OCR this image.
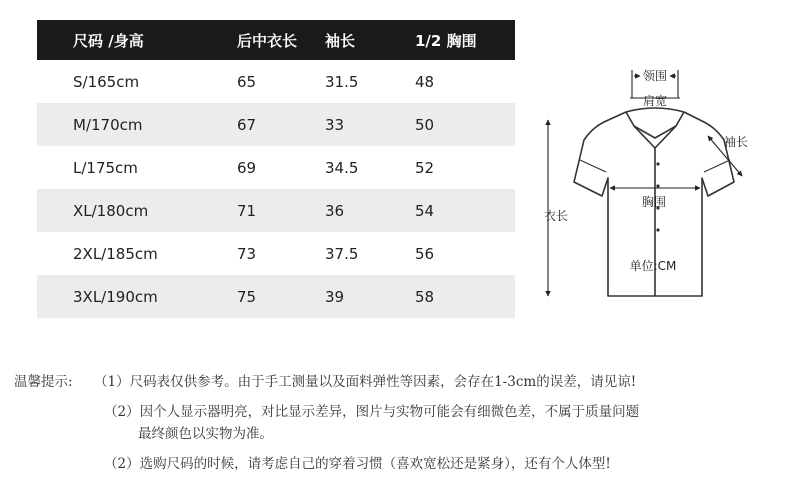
尺码 /身高	后中衣长	袖长	1/2 胸围
S/165cm	65	31.5	48
M/170cm	67	33	50
L/175cm	69	34.5	52
XL/180cm	71	36	54
2XL/185cm	73	37.5	56
3XL/190cm	75	39	58
领围
肩宽
袖长
胸围
衣长
单位:CM
温馨提示: （1）尺码表仅供参考。由于手工测量以及面料弹性等因素，会存在1-3cm的误差，请见谅!
（2）因个人显示器明亮，对比显示差异，图片与实物可能会有细微色差，不属于质量问题
最终颜色以实物为准。
（2）选购尺码的时候，请考虑自己的穿着习惯（喜欢宽松还是紧身），还有个人体型!
